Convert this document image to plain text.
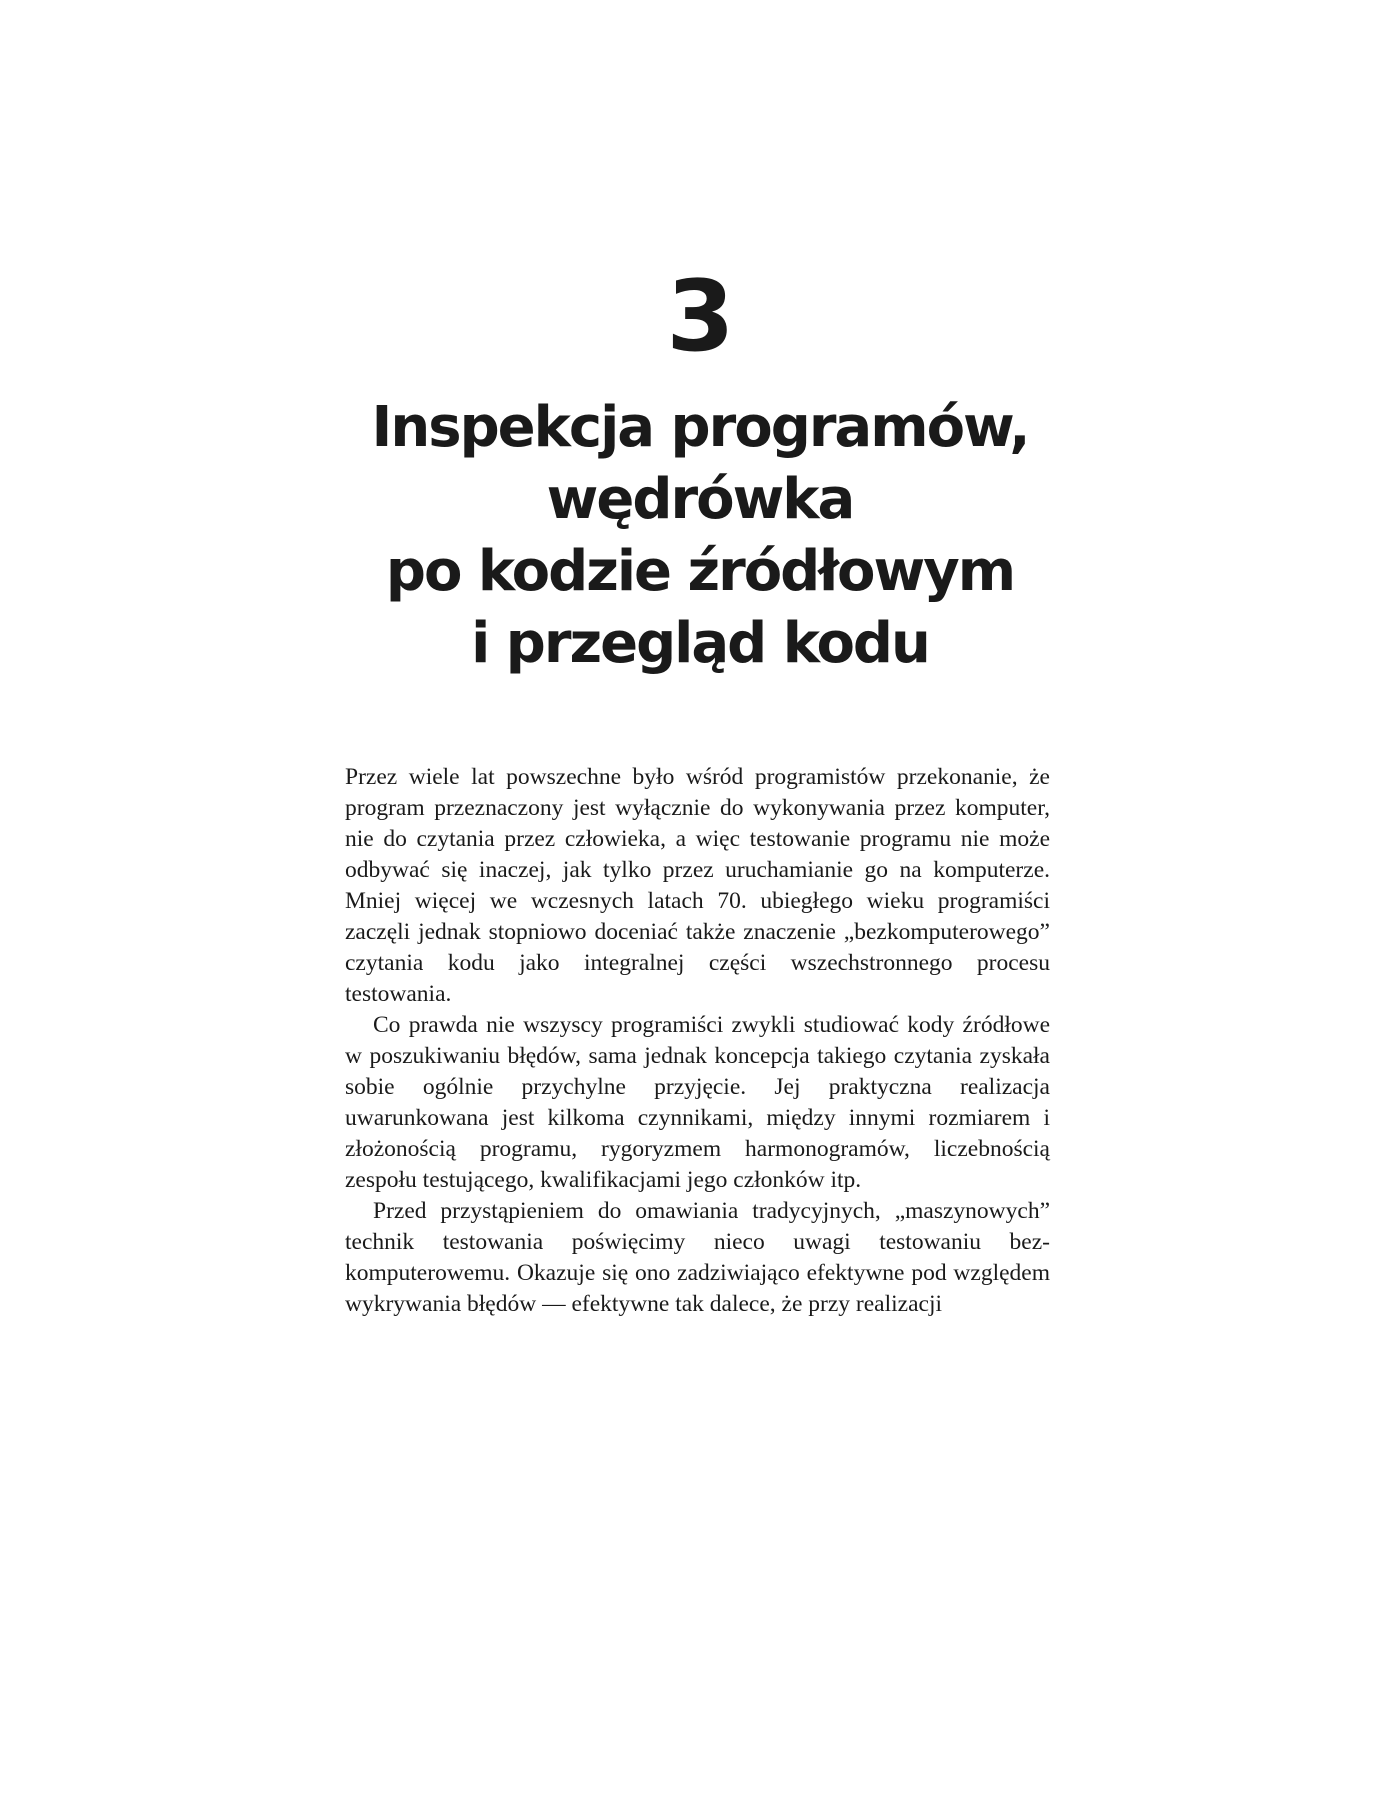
3
Inspekcja programów,
wędrówka
po kodzie źródłowym
i przegląd kodu

Przez wiele lat powszechne było wśród programistów przekonanie, że program przeznaczony jest wyłącznie do wykonywania przez komputer, nie do czytania przez człowieka, a więc testowanie programu nie może odbywać się inaczej, jak tylko przez uruchamianie go na komputerze. Mniej więcej we wczesnych latach 70. ubiegłego wieku programiści zaczęli jednak stopniowo doceniać także znaczenie „bezkomputerowego” czytania kodu jako integralnej części wszechstronnego procesu testowania.

Co prawda nie wszyscy programiści zwykli studiować kody źródłowe w poszukiwaniu błędów, sama jednak koncepcja takiego czytania zyskała sobie ogólnie przychylne przyjęcie. Jej praktyczna realizacja uwarunkowana jest kilkoma czynnikami, między innymi rozmiarem i złożonością programu, rygoryzmem harmonogramów, liczebnością zespołu testującego, kwalifikacjami jego członków itp.

Przed przystąpieniem do omawiania tradycyjnych, „maszynowych” technik testowania poświęcimy nieco uwagi testowaniu bezkomputerowemu. Okazuje się ono zadziwiająco efektywne pod względem wykrywania błędów — efektywne tak dalece, że przy realizacji
